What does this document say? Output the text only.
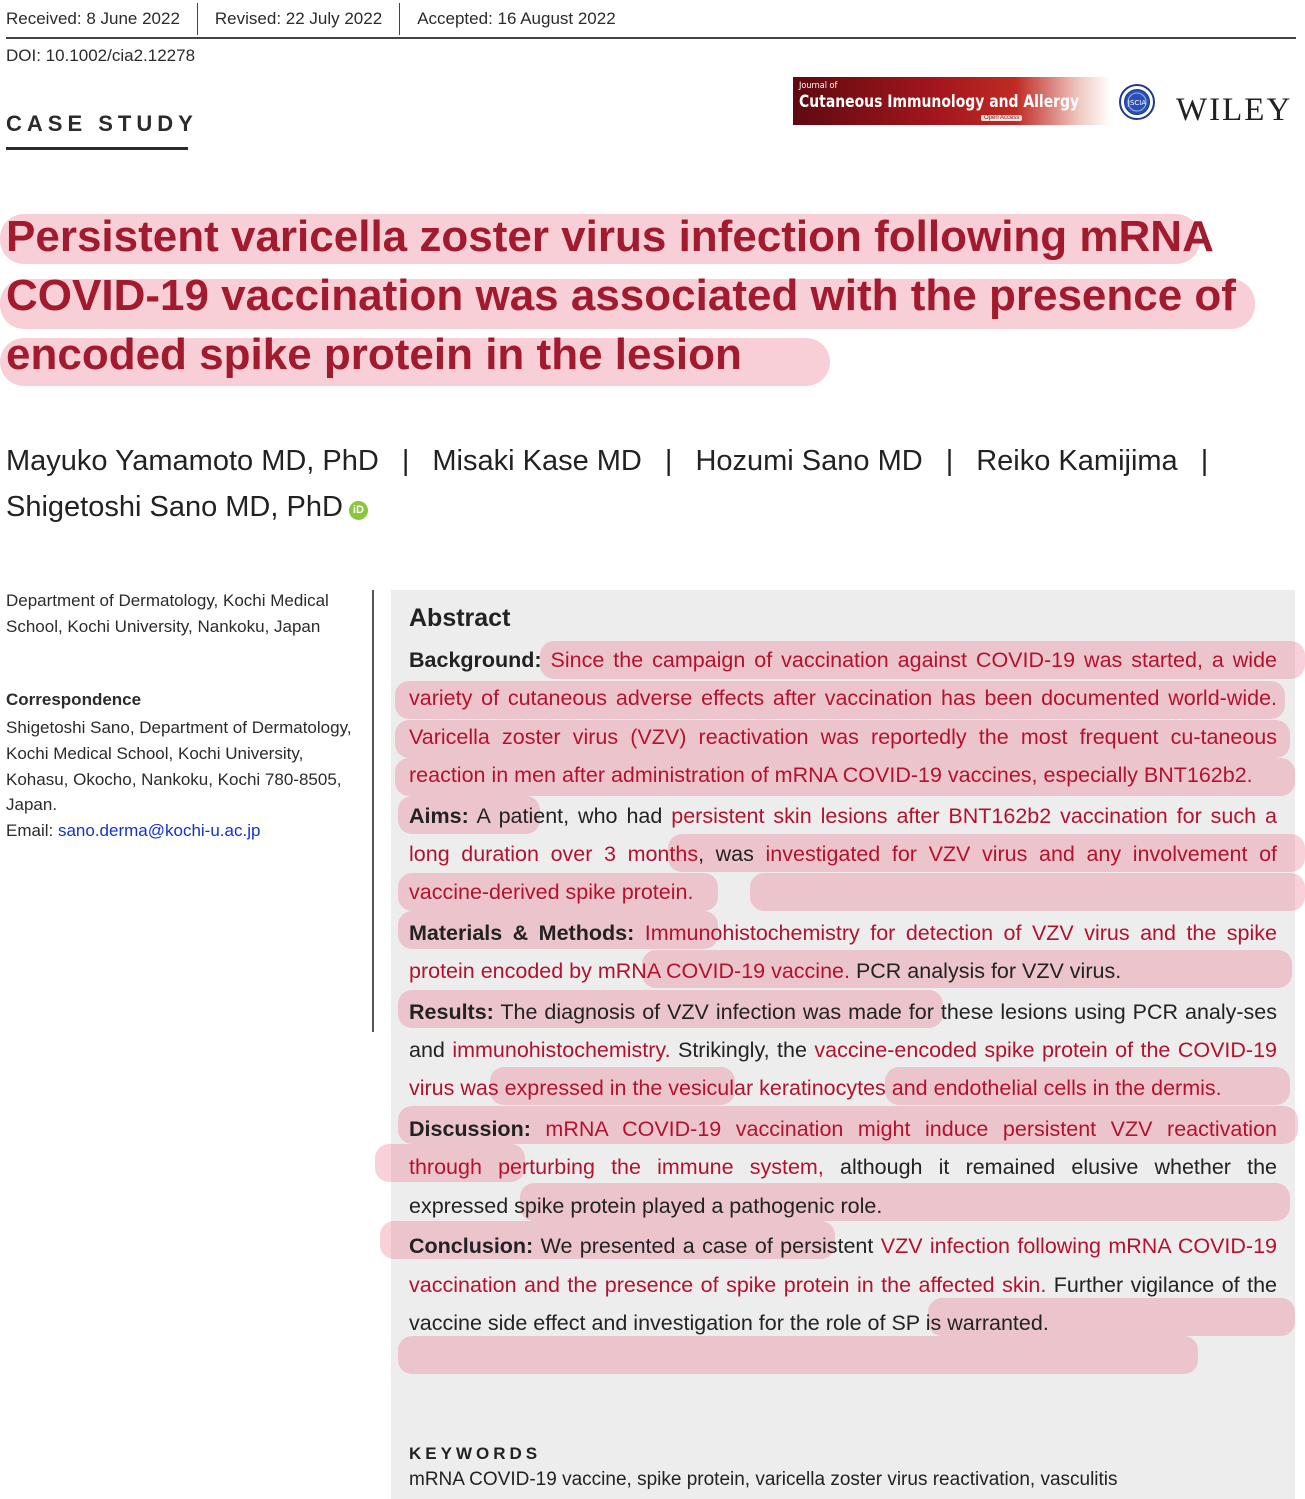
Received: 8 June 2022 Revised: 22 July 2022 Accepted: 16 August 2022
DOI: 10.1002/cia2.12278
CASE STUDY
Journal of
Cutaneous Immunology and Allergy
Open Access
JSCIA WILEY
Persistent varicella zoster virus infection following mRNA COVID-19 vaccination was associated with the presence of encoded spike protein in the lesion
Mayuko Yamamoto MD, PhD | Misaki Kase MD | Hozumi Sano MD | Reiko Kamijima |
Shigetoshi Sano MD, PhD iD
Department of Dermatology, Kochi Medical School, Kochi University, Nankoku, Japan
Correspondence
Shigetoshi Sano, Department of Dermatology, Kochi Medical School, Kochi University, Kohasu, Okocho, Nankoku, Kochi 780-8505, Japan.
Email: sano.derma@kochi-u.ac.jp
Abstract

Background: Since the campaign of vaccination against COVID-19 was started, a wide variety of cutaneous adverse effects after vaccination has been documented world-wide. Varicella zoster virus (VZV) reactivation was reportedly the most frequent cu-taneous reaction in men after administration of mRNA COVID-19 vaccines, especially BNT162b2.

Aims: A patient, who had persistent skin lesions after BNT162b2 vaccination for such a long duration over 3 months, was investigated for VZV virus and any involvement of vaccine-derived spike protein.

Materials & Methods: Immunohistochemistry for detection of VZV virus and the spike protein encoded by mRNA COVID-19 vaccine. PCR analysis for VZV virus.

Results: The diagnosis of VZV infection was made for these lesions using PCR analy-ses and immunohistochemistry. Strikingly, the vaccine-encoded spike protein of the COVID-19 virus was expressed in the vesicular keratinocytes and endothelial cells in the dermis.

Discussion: mRNA COVID-19 vaccination might induce persistent VZV reactivation through perturbing the immune system, although it remained elusive whether the expressed spike protein played a pathogenic role.

Conclusion: We presented a case of persistent VZV infection following mRNA COVID-19 vaccination and the presence of spike protein in the affected skin. Further vigilance of the vaccine side effect and investigation for the role of SP is warranted.

KEYWORDS
mRNA COVID-19 vaccine, spike protein, varicella zoster virus reactivation, vasculitis
